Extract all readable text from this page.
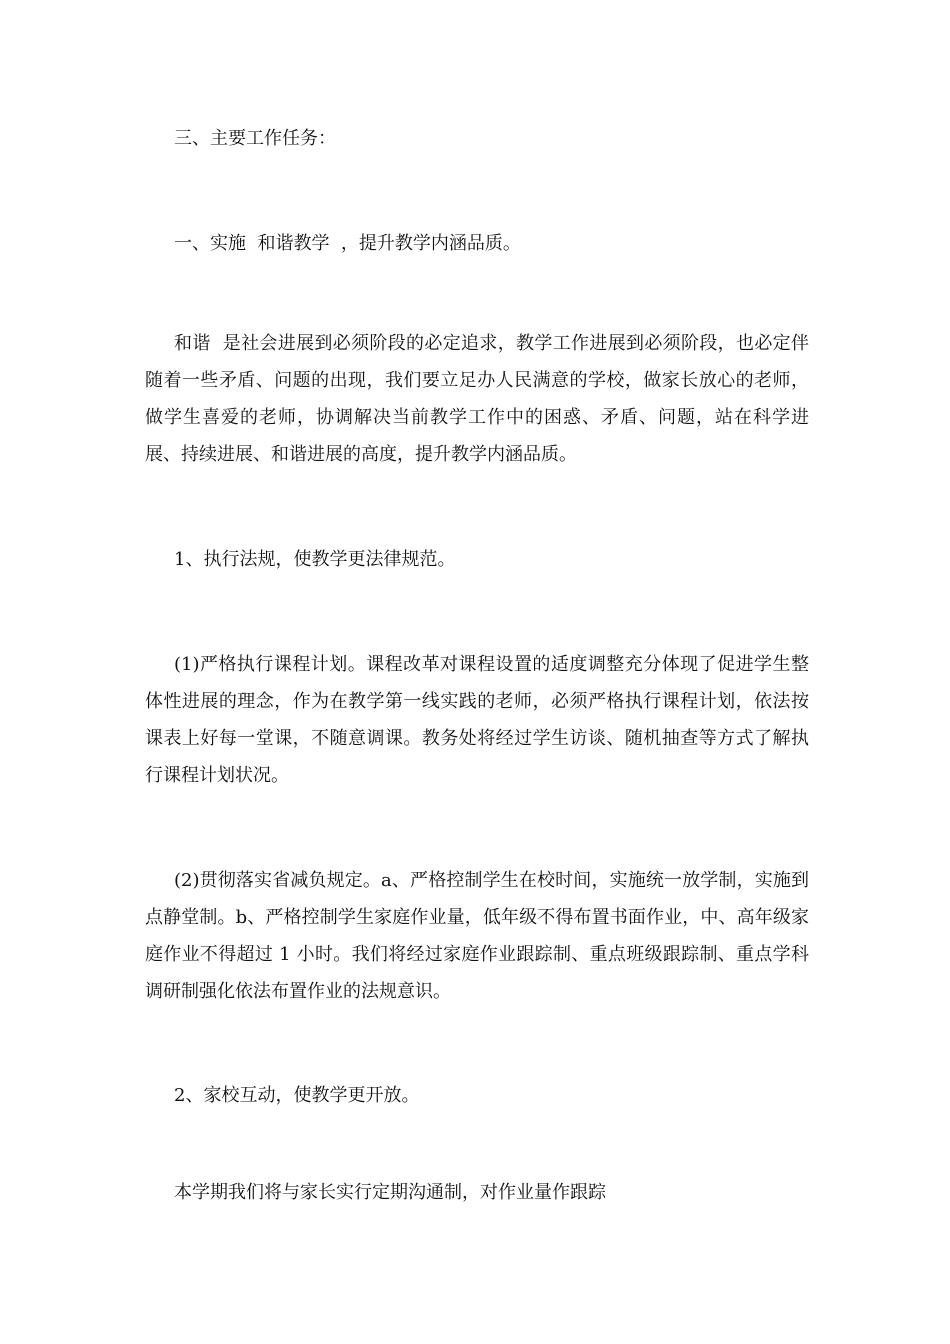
三、主要工作任务：
一、实施  和谐教学  ，提升教学内涵品质。
和谐  是社会进展到必须阶段的必定追求，教学工作进展到必须阶段，也必定伴随着一些矛盾、问题的出现，我们要立足办人民满意的学校，做家长放心的老师，做学生喜爱的老师，协调解决当前教学工作中的困惑、矛盾、问题，站在科学进展、持续进展、和谐进展的高度，提升教学内涵品质。
1、执行法规，使教学更法律规范。
(1)严格执行课程计划。课程改革对课程设置的适度调整充分体现了促进学生整体性进展的理念，作为在教学第一线实践的老师，必须严格执行课程计划，依法按课表上好每一堂课，不随意调课。教务处将经过学生访谈、随机抽查等方式了解执行课程计划状况。
(2)贯彻落实省减负规定。a、严格控制学生在校时间，实施统一放学制，实施到点静堂制。b、严格控制学生家庭作业量，低年级不得布置书面作业，中、高年级家庭作业不得超过 1 小时。我们将经过家庭作业跟踪制、重点班级跟踪制、重点学科调研制强化依法布置作业的法规意识。
2、家校互动，使教学更开放。
本学期我们将与家长实行定期沟通制，对作业量作跟踪
